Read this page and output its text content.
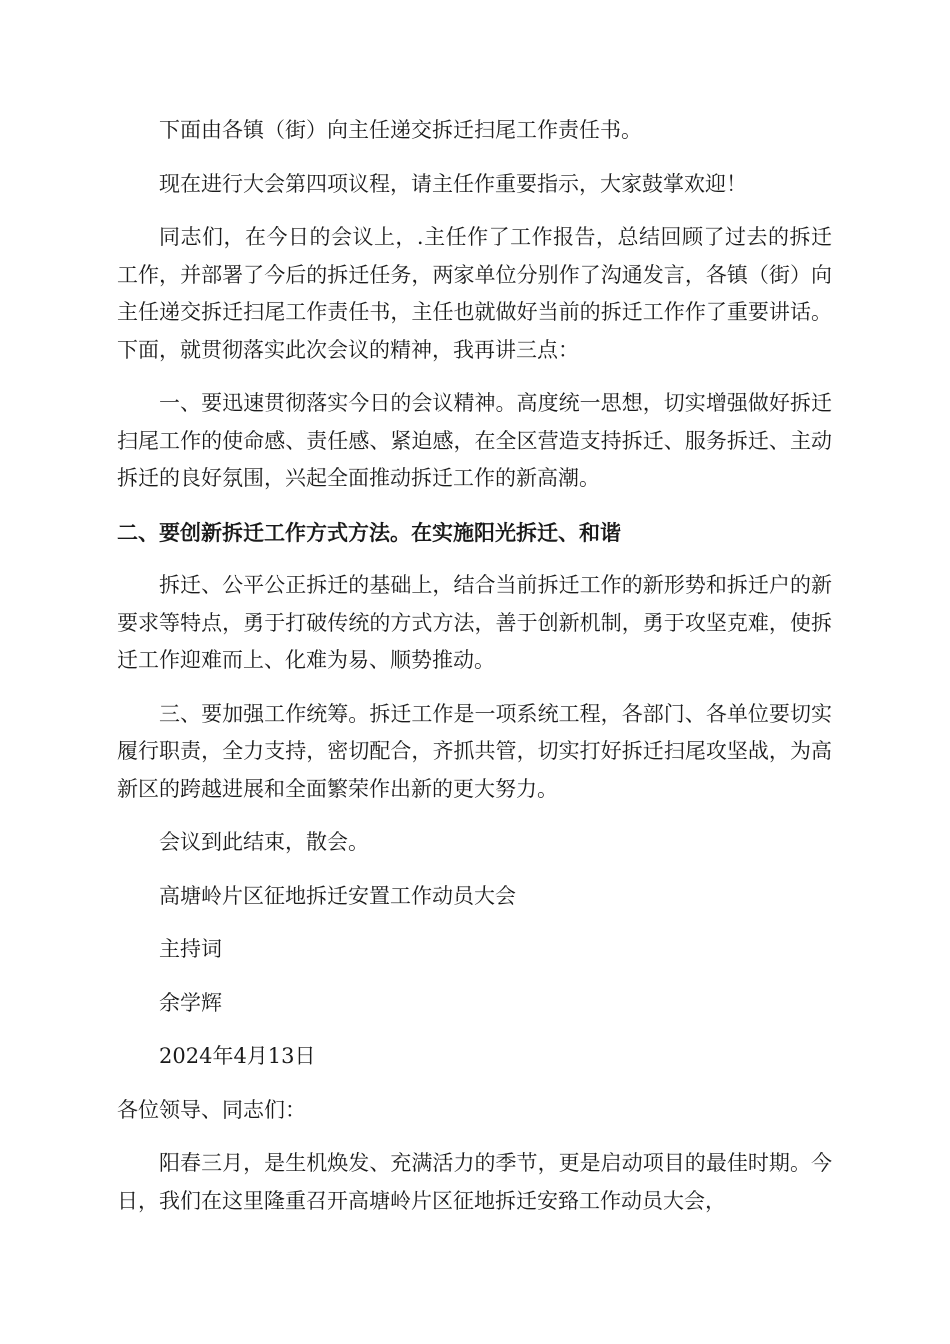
下面由各镇（街）向主任递交拆迁扫尾工作责任书。

现在进行大会第四项议程，请主任作重要指示，大家鼓掌欢迎！

同志们，在今日的会议上，.主任作了工作报告，总结回顾了过去的拆迁工作，并部署了今后的拆迁任务，两家单位分别作了沟通发言，各镇（街）向主任递交拆迁扫尾工作责任书，主任也就做好当前的拆迁工作作了重要讲话。下面，就贯彻落实此次会议的精神，我再讲三点：

一、要迅速贯彻落实今日的会议精神。高度统一思想，切实增强做好拆迁扫尾工作的使命感、责任感、紧迫感，在全区营造支持拆迁、服务拆迁、主动拆迁的良好氛围，兴起全面推动拆迁工作的新高潮。

二、要创新拆迁工作方式方法。在实施阳光拆迁、和谐

拆迁、公平公正拆迁的基础上，结合当前拆迁工作的新形势和拆迁户的新要求等特点，勇于打破传统的方式方法，善于创新机制，勇于攻坚克难，使拆迁工作迎难而上、化难为易、顺势推动。

三、要加强工作统筹。拆迁工作是一项系统工程，各部门、各单位要切实履行职责，全力支持，密切配合，齐抓共管，切实打好拆迁扫尾攻坚战，为高新区的跨越进展和全面繁荣作出新的更大努力。

会议到此结束，散会。

高塘岭片区征地拆迁安置工作动员大会

主持词

余学辉

2024年4月13日

各位领导、同志们：

阳春三月，是生机焕发、充满活力的季节，更是启动项目的最佳时期。今日，我们在这里隆重召开高塘岭片区征地拆迁安臵工作动员大会，
